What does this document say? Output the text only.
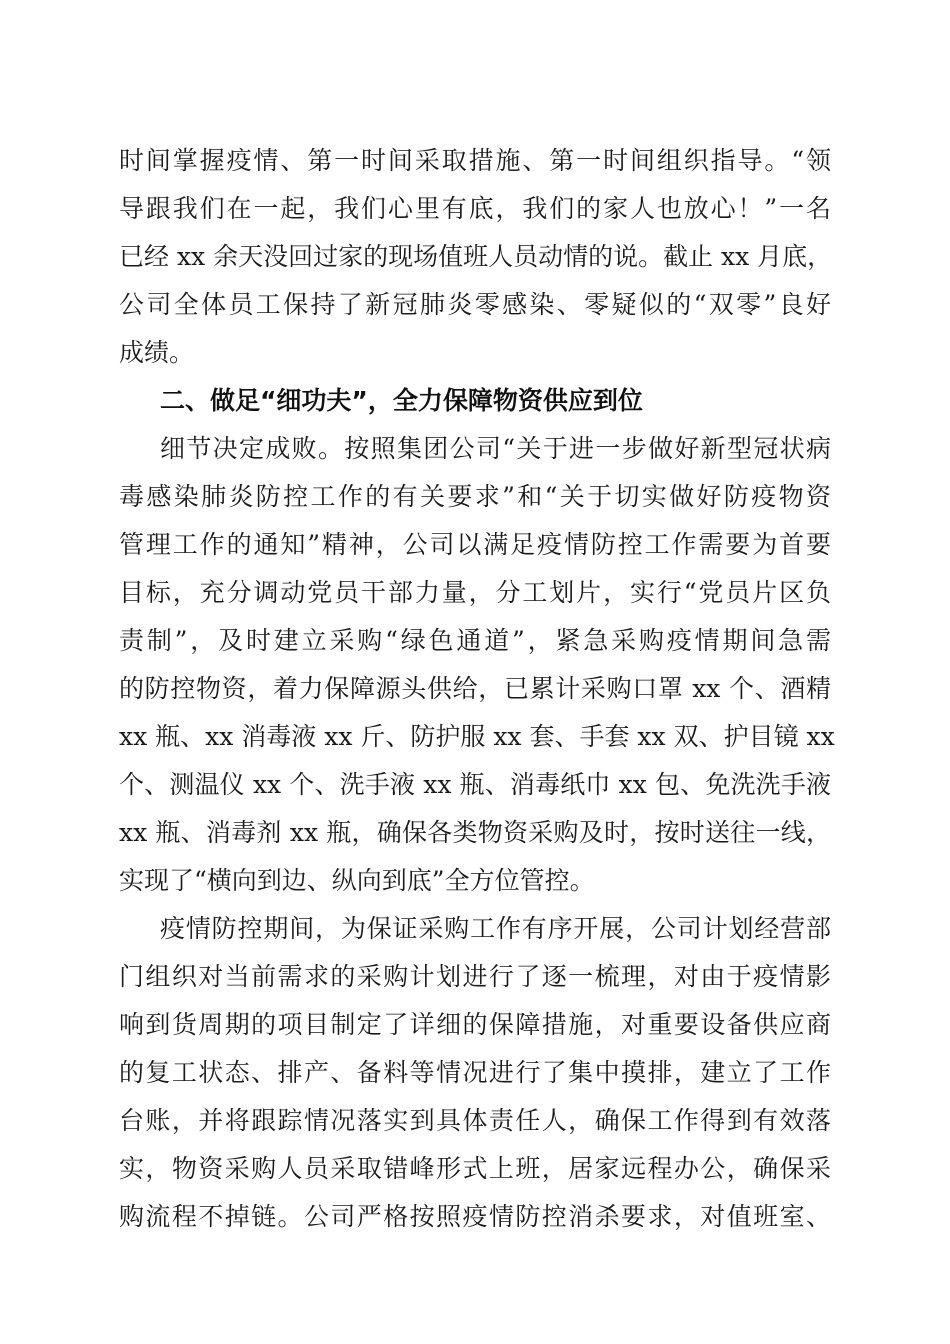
时间掌握疫情、第一时间采取措施、第一时间组织指导。“领
导跟我们在一起，我们心里有底，我们的家人也放心！”一名
已经 xx 余天没回过家的现场值班人员动情的说。截止 xx 月底，
公司全体员工保持了新冠肺炎零感染、零疑似的“双零”良好
成绩。
二、做足“细功夫”，全力保障物资供应到位
细节决定成败。按照集团公司“关于进一步做好新型冠状病
毒感染肺炎防控工作的有关要求”和“关于切实做好防疫物资
管理工作的通知”精神，公司以满足疫情防控工作需要为首要
目标，充分调动党员干部力量，分工划片，实行“党员片区负
责制”，及时建立采购“绿色通道”，紧急采购疫情期间急需
的防控物资，着力保障源头供给，已累计采购口罩 xx 个、酒精
xx 瓶、xx 消毒液 xx 斤、防护服 xx 套、手套 xx 双、护目镜 xx
个、测温仪 xx 个、洗手液 xx 瓶、消毒纸巾 xx 包、免洗洗手液
xx 瓶、消毒剂 xx 瓶，确保各类物资采购及时，按时送往一线，
实现了“横向到边、纵向到底”全方位管控。
疫情防控期间，为保证采购工作有序开展，公司计划经营部
门组织对当前需求的采购计划进行了逐一梳理，对由于疫情影
响到货周期的项目制定了详细的保障措施，对重要设备供应商
的复工状态、排产、备料等情况进行了集中摸排，建立了工作
台账，并将跟踪情况落实到具体责任人，确保工作得到有效落
实，物资采购人员采取错峰形式上班，居家远程办公，确保采
购流程不掉链。公司严格按照疫情防控消杀要求，对值班室、
